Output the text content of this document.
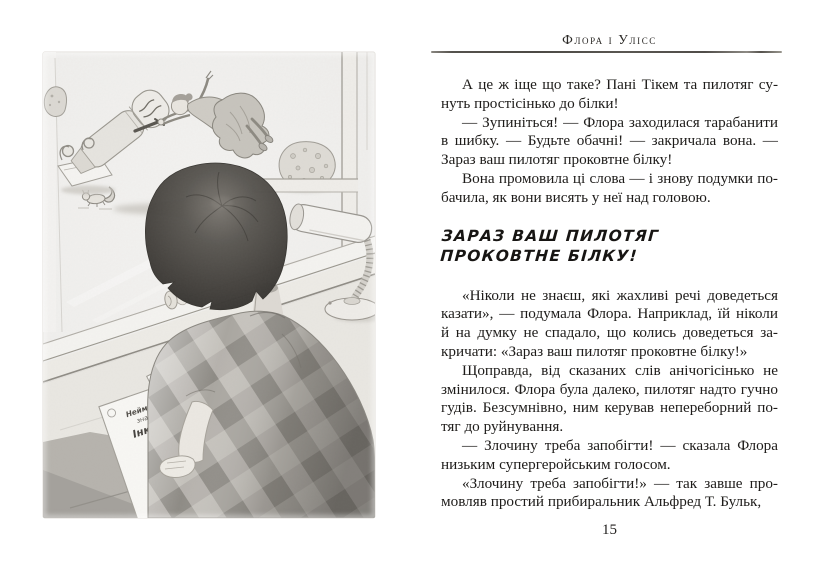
Флора і Улісс
А це ж іще що таке? Пані Тікем та пилотяг су-
нуть простісінько до білки!
— Зупиніться! — Флора заходилася тарабанити
в шибку. — Будьте обачні! — закричала вона. —
Зараз ваш пилотяг проковтне білку!
Вона промовила ці слова — і знову подумки по-
бачила, як вони висять у неї над головою.
ЗАРАЗ ВАШ ПИЛОТЯГ
ПРОКОВТНЕ БІЛКУ!
«Ніколи не знаєш, які жахливі речі доведеться
казати», — подумала Флора. Наприклад, їй ніколи
й на думку не спадало, що колись доведеться за-
кричати: «Зараз ваш пилотяг проковтне білку!»
Щоправда, від сказаних слів анічогісінько не
змінилося. Флора була далеко, пилотяг надто гучно
гудів. Безсумнівно, ним керував непереборний по-
тяг до руйнування.
— Злочину треба запобігти! — сказала Флора
низьким супергеройським голосом.
«Злочину треба запобігти!» — так завше про-
мовляв простий прибиральник Альфред Т. Бульк,
15
